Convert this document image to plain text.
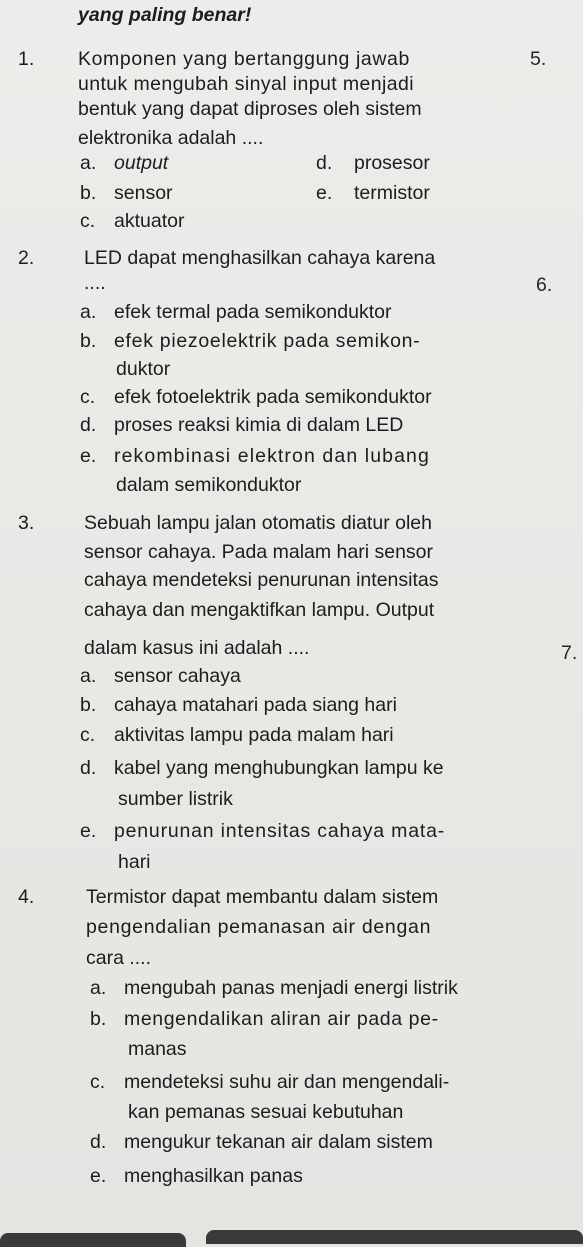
yang paling benar!
1. Komponen yang bertanggung jawab
untuk mengubah sinyal input menjadi
bentuk yang dapat diproses oleh sistem
elektronika adalah ....
a. output	d. prosesor
b. sensor	e. termistor
c. aktuator
2.	LED dapat menghasilkan cahaya karena
....
a. efek termal pada semikonduktor
b. efek piezoelektrik pada semikon-
duktor
c. efek fotoelektrik pada semikonduktor
d. proses reaksi kimia di dalam LED
e. rekombinasi elektron dan lubang
dalam semikonduktor
3.	Sebuah lampu jalan otomatis diatur oleh
sensor cahaya. Pada malam hari sensor
cahaya mendeteksi penurunan intensitas
cahaya dan mengaktifkan lampu. Output
dalam kasus ini adalah ....
a. sensor cahaya
b. cahaya matahari pada siang hari
c. aktivitas lampu pada malam hari
d. kabel yang menghubungkan lampu ke
sumber listrik
e. penurunan intensitas cahaya mata-
hari
4.	Termistor dapat membantu dalam sistem
pengendalian pemanasan air dengan
cara ....
a. mengubah panas menjadi energi listrik
b. mengendalikan aliran air pada pe-
manas
c. mendeteksi suhu air dan mengendali-
kan pemanas sesuai kebutuhan
d. mengukur tekanan air dalam sistem
e. menghasilkan panas
5.
6.
7.
